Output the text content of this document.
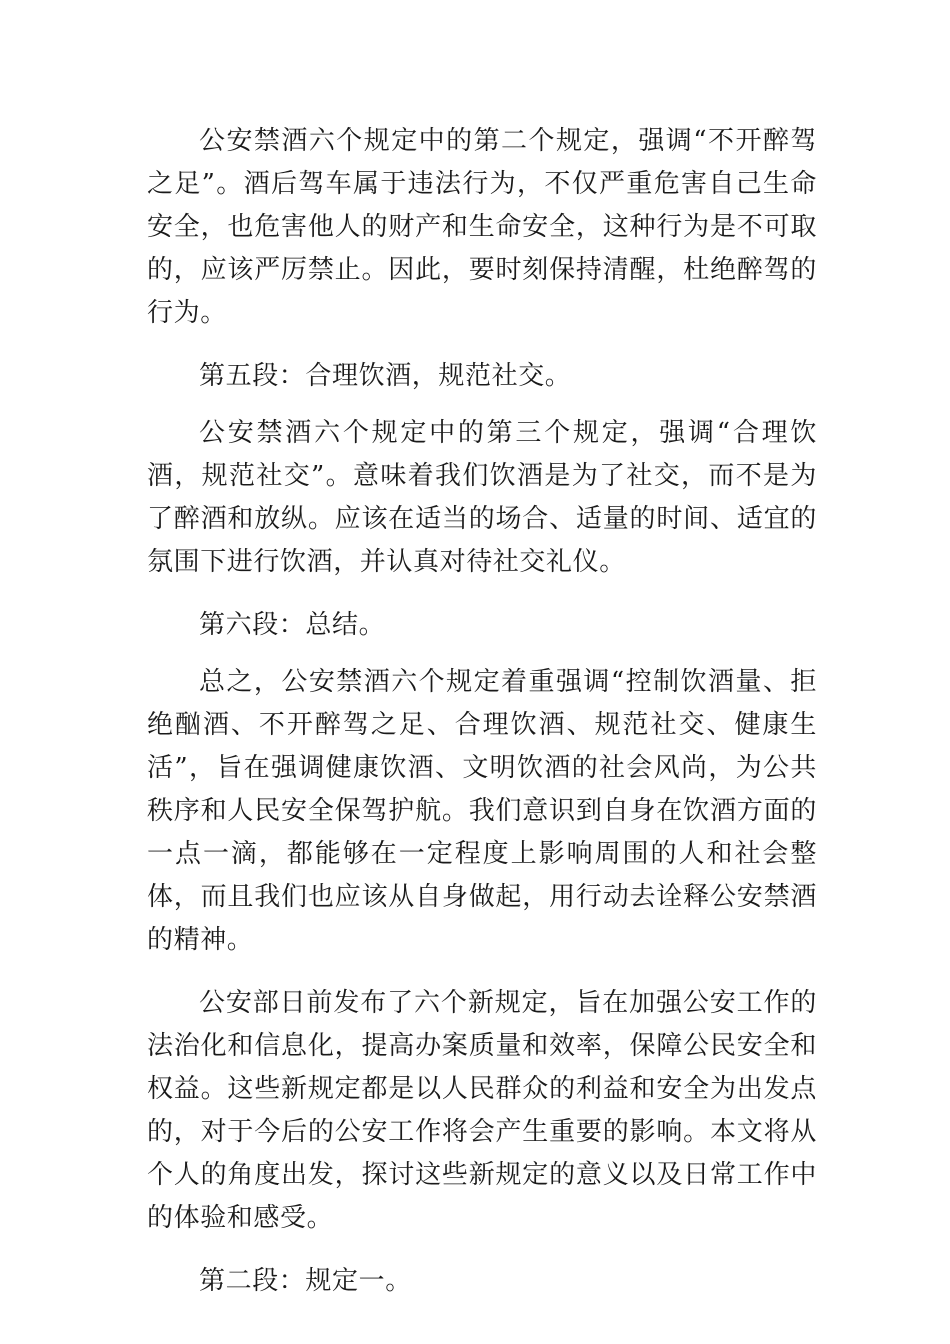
公安禁酒六个规定中的第二个规定，强调“不开醉驾之足”。酒后驾车属于违法行为，不仅严重危害自己生命安全，也危害他人的财产和生命安全，这种行为是不可取的，应该严厉禁止。因此，要时刻保持清醒，杜绝醉驾的行为。

第五段：合理饮酒，规范社交。

公安禁酒六个规定中的第三个规定，强调“合理饮酒，规范社交”。意味着我们饮酒是为了社交，而不是为了醉酒和放纵。应该在适当的场合、适量的时间、适宜的氛围下进行饮酒，并认真对待社交礼仪。

第六段：总结。

总之，公安禁酒六个规定着重强调“控制饮酒量、拒绝酗酒、不开醉驾之足、合理饮酒、规范社交、健康生活”，旨在强调健康饮酒、文明饮酒的社会风尚，为公共秩序和人民安全保驾护航。我们意识到自身在饮酒方面的一点一滴，都能够在一定程度上影响周围的人和社会整体，而且我们也应该从自身做起，用行动去诠释公安禁酒的精神。

公安部日前发布了六个新规定，旨在加强公安工作的法治化和信息化，提高办案质量和效率，保障公民安全和权益。这些新规定都是以人民群众的利益和安全为出发点的，对于今后的公安工作将会产生重要的影响。本文将从个人的角度出发，探讨这些新规定的意义以及日常工作中的体验和感受。

第二段：规定一。
